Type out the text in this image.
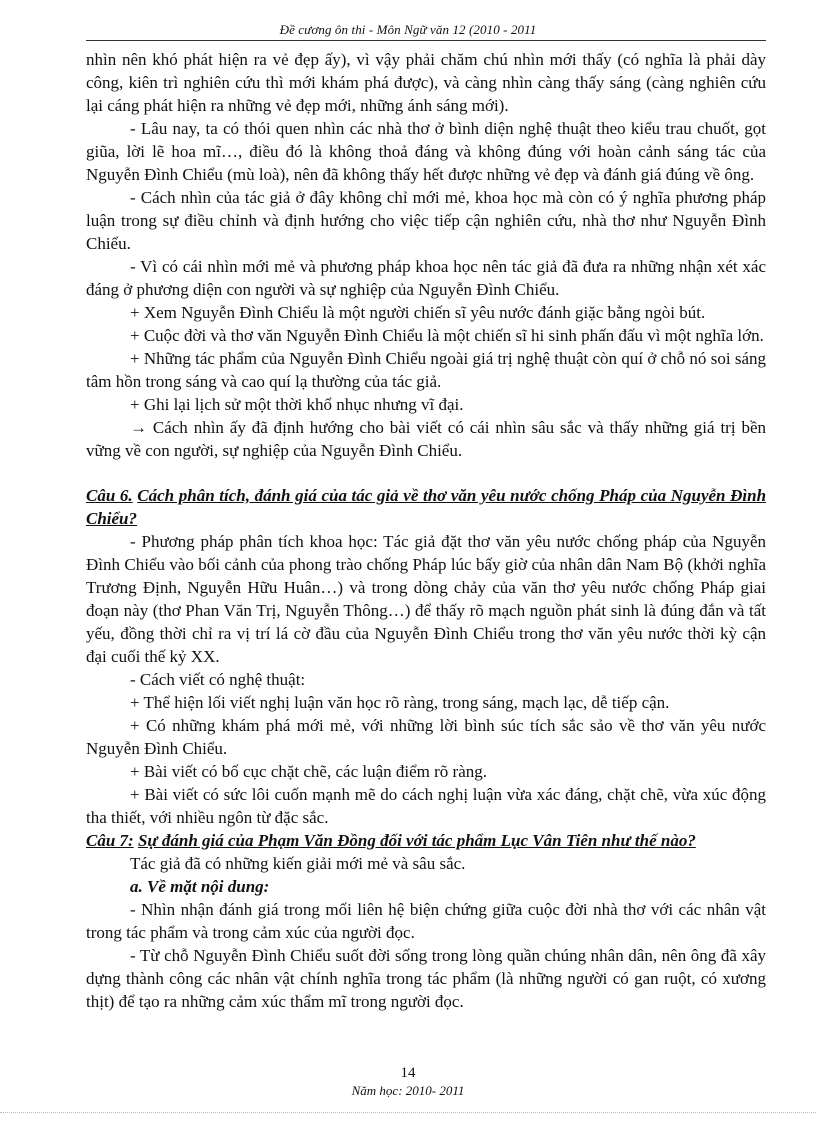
Đề cương ôn thi - Môn Ngữ văn 12 (2010 - 2011

nhìn nên khó phát hiện ra vẻ đẹp ấy), vì vậy phải chăm chú nhìn mới thấy (có nghĩa là phải dày công, kiên trì nghiên cứu thì mới khám phá được), và càng nhìn càng thấy sáng (càng nghiên cứu lại cáng phát hiện ra những vẻ đẹp mới, những ánh sáng mới).

- Lâu nay, ta có thói quen nhìn các nhà thơ ở bình diện nghệ thuật theo kiểu trau chuốt, gọt giũa, lời lẽ hoa mĩ…, điều đó là không thoả đáng và không đúng với hoàn cảnh sáng tác của Nguyễn Đình Chiểu (mù loà), nên đã không thấy hết được những vẻ đẹp và đánh giá đúng về ông.

- Cách nhìn của tác giả ở đây không chỉ mới mẻ, khoa học mà còn có ý nghĩa phương pháp luận trong sự điều chỉnh và định hướng cho việc tiếp cận nghiên cứu, nhà thơ như Nguyễn Đình Chiểu.

- Vì có cái nhìn mới mẻ và phương pháp khoa học nên tác giả đã đưa ra những nhận xét xác đáng ở phương diện con người và sự nghiệp của Nguyễn Đình Chiểu.

+ Xem Nguyễn Đình Chiểu là một người chiến sĩ yêu nước đánh giặc bằng ngòi bút.

+ Cuộc đời và thơ văn Nguyễn Đình Chiểu là một chiến sĩ hi sinh phấn đấu vì một nghĩa lớn.

+ Những tác phẩm của Nguyễn Đình Chiểu ngoài giá trị nghệ thuật còn quí ở chỗ nó soi sáng tâm hồn trong sáng và cao quí lạ thường của tác giả.

+ Ghi lại lịch sử một thời khổ nhục nhưng vĩ đại.

→ Cách nhìn ấy đã định hướng cho bài viết có cái nhìn sâu sắc và thấy những giá trị bền vững về con người, sự nghiệp của Nguyễn Đình Chiểu.

Câu 6. Cách phân tích, đánh giá của tác giả về thơ văn yêu nước chống Pháp của Nguyễn Đình Chiểu?

- Phương pháp phân tích khoa học: Tác giả đặt thơ văn yêu nước chống pháp của Nguyễn Đình Chiểu vào bối cảnh của phong trào chống Pháp lúc bấy giờ của nhân dân Nam Bộ (khởi nghĩa Trương Định, Nguyễn Hữu Huân…) và trong dòng chảy của văn thơ yêu nước chống Pháp giai đoạn này (thơ Phan Văn Trị, Nguyễn Thông…) để thấy rõ mạch nguồn phát sinh là đúng đắn và tất yếu, đồng thời chỉ ra vị trí lá cờ đầu của Nguyễn Đình Chiểu trong thơ văn yêu nước thời kỳ cận đại cuối thế kỷ XX.

- Cách viết có nghệ thuật:

+ Thể hiện lối viết nghị luận văn học rõ ràng, trong sáng, mạch lạc, dễ tiếp cận.

+ Có những khám phá mới mẻ, với những lời bình súc tích sắc sảo về thơ văn yêu nước Nguyễn Đình Chiểu.

+ Bài viết có bố cục chặt chẽ, các luận điểm rõ ràng.

+ Bài viết có sức lôi cuốn mạnh mẽ do cách nghị luận vừa xác đáng, chặt chẽ, vừa xúc động tha thiết, với nhiều ngôn từ đặc sắc.

Câu 7: Sự đánh giá của Phạm Văn Đồng đối với tác phẩm Lục Vân Tiên như thế nào?

Tác giả đã có những kiến giải mới mẻ và sâu sắc.

a. Về mặt nội dung:

- Nhìn nhận đánh giá trong mối liên hệ biện chứng giữa cuộc đời nhà thơ với các nhân vật trong tác phẩm và trong cảm xúc của người đọc.

- Từ chỗ Nguyễn Đình Chiểu suốt đời sống trong lòng quần chúng nhân dân, nên ông đã xây dựng thành công các nhân vật chính nghĩa trong tác phẩm (là những người có gan ruột, có xương thịt) để tạo ra những cảm xúc thẩm mĩ trong người đọc.

14
Năm học: 2010- 2011
